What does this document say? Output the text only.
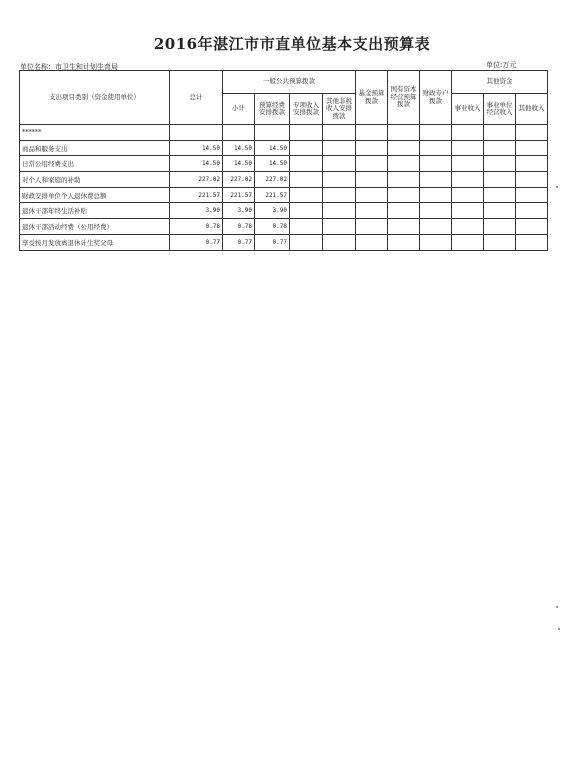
2016年湛江市市直单位基本支出预算表
单位名称：市卫生和计划生育局	单位:万元
支出项目类别（资金使用单位）	总计	一般公共预算拨款				基金预算拨款	国有资本经营预算拨款	财政专户拨款	其他资金		
		小计	预算经费安排拨款	专项收入安排拨款	其他非税收入安排拨款				事业收入	事业单位经营收入	其他收入
******											
商品和服务支出	14.50	14.50	14.50								
日常公用经费支出	14.50	14.50	14.50								
对个人和家庭的补助	227.02	227.02	227.02								
财政安排单位个人退休费总额	221.57	221.57	221.57								
退休干部年终生活补贴	3.90	3.90	3.90								
退休干部活动经费（公用经费）	0.78	0.78	0.78								
享受按月发放离退休计生奖父母	0.77	0.77	0.77								
